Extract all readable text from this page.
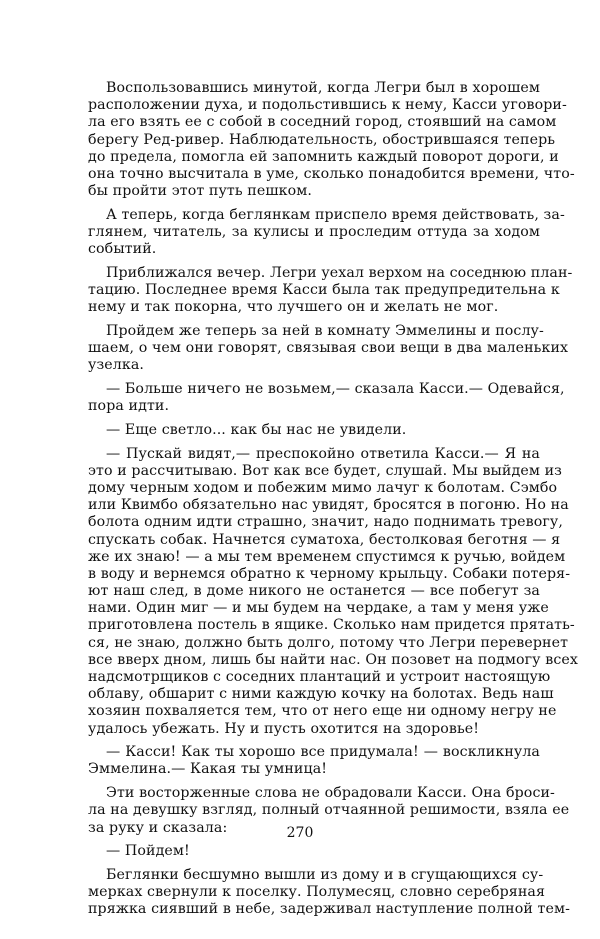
Воспользовавшись минутой, когда Легри был в хорошем
расположении духа, и подольстившись к нему, Касси уговори-
ла его взять ее с собой в соседний город, стоявший на самом
берегу Ред-ривер. Наблюдательность, обострившаяся теперь
до предела, помогла ей запомнить каждый поворот дороги, и
она точно высчитала в уме, сколько понадобится времени, что-
бы пройти этот путь пешком.
А теперь, когда беглянкам приспело время действовать, за-
глянем, читатель, за кулисы и проследим оттуда за ходом
событий.
Приближался вечер. Легри уехал верхом на соседнюю план-
тацию. Последнее время Касси была так предупредительна к
нему и так покорна, что лучшего он и желать не мог.
Пройдем же теперь за ней в комнату Эммелины и послу-
шаем, о чем они говорят, связывая свои вещи в два маленьких
узелка.
— Больше ничего не возьмем,— сказала Касси.— Одевайся,
пора идти.
— Еще светло... как бы нас не увидели.
— Пускай видят,— преспокойно ответила Касси.— Я на
это и рассчитываю. Вот как все будет, слушай. Мы выйдем из
дому черным ходом и побежим мимо лачуг к болотам. Сэмбо
или Квимбо обязательно нас увидят, бросятся в погоню. Но на
болота одним идти страшно, значит, надо поднимать тревогу,
спускать собак. Начнется суматоха, бестолковая беготня — я
же их знаю! — а мы тем временем спустимся к ручью, войдем
в воду и вернемся обратно к черному крыльцу. Собаки потеря-
ют наш след, в доме никого не останется — все побегут за
нами. Один миг — и мы будем на чердаке, а там у меня уже
приготовлена постель в ящике. Сколько нам придется прятать-
ся, не знаю, должно быть долго, потому что Легри перевернет
все вверх дном, лишь бы найти нас. Он позовет на подмогу всех
надсмотрщиков с соседних плантаций и устроит настоящую
облаву, обшарит с ними каждую кочку на болотах. Ведь наш
хозяин похваляется тем, что от него еще ни одному негру не
удалось убежать. Ну и пусть охотится на здоровье!
— Касси! Как ты хорошо все придумала! — воскликнула
Эммелина.— Какая ты умница!
Эти восторженные слова не обрадовали Касси. Она броси-
ла на девушку взгляд, полный отчаянной решимости, взяла ее
за руку и сказала:
— Пойдем!
Беглянки бесшумно вышли из дому и в сгущающихся су-
мерках свернули к поселку. Полумесяц, словно серебряная
пряжка сиявший в небе, задерживал наступление полной тем-
270
